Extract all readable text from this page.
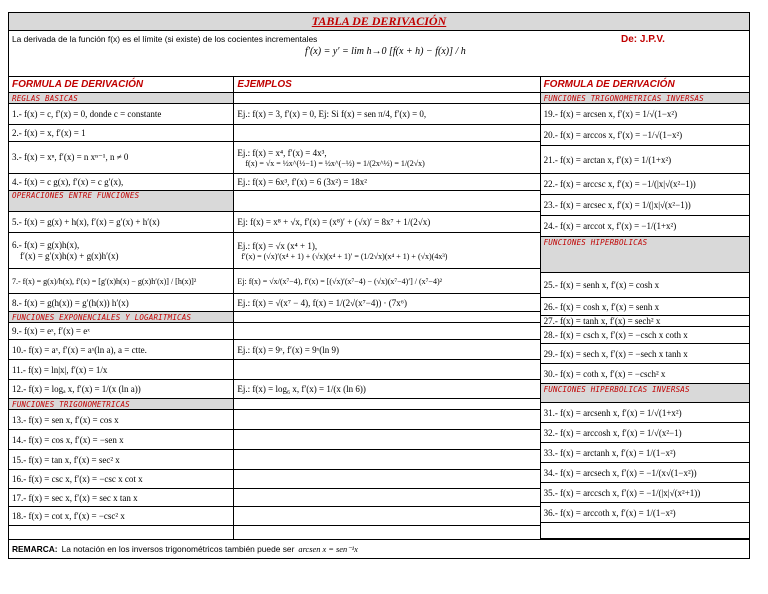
TABLA DE DERIVACIÓN
La derivada de la función f(x) es el límite (si existe) de los cocientes incrementales	De: J.P.V.
f′(x) = y′ = lim h→0 [f(x + h) − f(x)] / h
FORMULA DE DERIVACIÓN
REGLAS BASICAS
1.- f(x) = c, f′(x) = 0, donde c = constante
2.- f(x) = x, f′(x) = 1
3.- f(x) = xⁿ, f′(x) = n xⁿ⁻¹, n ≠ 0
4.- f(x) = c g(x), f′(x) = c g′(x),
OPERACIONES ENTRE FUNCIONES
5.- f(x) = g(x) + h(x), f′(x) = g′(x) + h′(x)
6.- f(x) = g(x)h(x),
f′(x) = g′(x)h(x) + g(x)h′(x)
7.- f(x) = g(x)/h(x), f′(x) = [g′(x)h(x) − g(x)h′(x)] / [h(x)]²
8.- f(x) = g(h(x)) = g′(h(x)) h′(x)
FUNCIONES EXPONENCIALES Y LOGARITMICAS
9.- f(x) = eˣ, f′(x) = eˣ
10.- f(x) = aˣ, f′(x) = aˣ(ln a), a = ctte.
11.- f(x) = ln|x|, f′(x) = 1/x
12.- f(x) = logₐ x, f′(x) = 1/(x (ln a))
FUNCIONES TRIGONOMETRICAS
13.- f(x) = sen x, f′(x) = cos x
14.- f(x) = cos x, f′(x) = −sen x
15.- f(x) = tan x, f′(x) = sec² x
16.- f(x) = csc x, f′(x) = −csc x cot x
17.- f(x) = sec x, f′(x) = sec x tan x
18.- f(x) = cot x, f′(x) = −csc² x
EJEMPLOS
Ej.: f(x) = 3, f′(x) = 0, Ej: Si f(x) = sen π/4, f′(x) = 0,
Ej.: f(x) = x⁴, f′(x) = 4x³,
f(x) = √x = ½x^(½−1) = ½x^(−½) = 1/(2x^½) = 1/(2√x)
Ej.: f(x) = 6x³, f′(x) = 6 (3x²) = 18x²
Ej: f(x) = x⁸ + √x, f′(x) = (x⁸)′ + (√x)′ = 8x⁷ + 1/(2√x)
Ej.: f(x) = √x (x⁴ + 1),
f′(x) = (√x)′(x⁴ + 1) + (√x)(x⁴ + 1)′ = (1/2√x)(x⁴ + 1) + (√x)(4x³)
Ej: f(x) = √x/(x⁷−4), f′(x) = [(√x)′(x⁷−4) − (√x)(x⁷−4)′] / (x⁷−4)²
Ej.: f(x) = √(x⁷ − 4), f(x) = 1/(2√(x⁷−4)) · (7x⁶)
Ej.: f(x) = 9ˣ, f′(x) = 9ˣ(ln 9)
Ej.: f(x) = log₆ x, f′(x) = 1/(x (ln 6))
FORMULA DE DERIVACIÓN
FUNCIONES TRIGONOMETRICAS INVERSAS
19.- f(x) = arcsen x, f′(x) = 1/√(1−x²)
20.- f(x) = arccos x, f′(x) = −1/√(1−x²)
21.- f(x) = arctan x, f′(x) = 1/(1+x²)
22.- f(x) = arccsc x, f′(x) = −1/(|x|√(x²−1))
23.- f(x) = arcsec x, f′(x) = 1/(|x|√(x²−1))
24.- f(x) = arccot x, f′(x) = −1/(1+x²)
FUNCIONES HIPERBOLICAS
25.- f(x) = senh x, f′(x) = cosh x
26.- f(x) = cosh x, f′(x) = senh x
27.- f(x) = tanh x, f′(x) = sech² x
28.- f(x) = csch x, f′(x) = −csch x coth x
29.- f(x) = sech x, f′(x) = −sech x tanh x
30.- f(x) = coth x, f′(x) = −csch² x
FUNCIONES HIPERBOLICAS INVERSAS
31.- f(x) = arcsenh x, f′(x) = 1/√(1+x²)
32.- f(x) = arccosh x, f′(x) = 1/√(x²−1)
33.- f(x) = arctanh x, f′(x) = 1/(1−x²)
34.- f(x) = arcsech x, f′(x) = −1/(x√(1−x²))
35.- f(x) = arccsch x, f′(x) = −1/(|x|√(x²+1))
36.- f(x) = arccoth x, f′(x) = 1/(1−x²)
REMARCA: La notación en los inversos trigonométricos también puede ser arcsen x = sen⁻¹x
